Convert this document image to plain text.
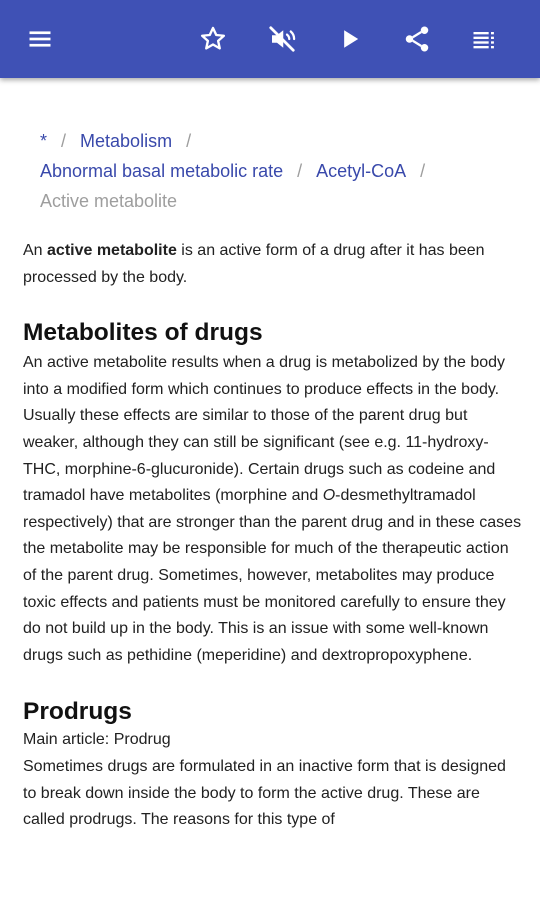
* / Metabolism /
Abnormal basal metabolic rate / Acetyl-CoA /
Active metabolite

An active metabolite is an active form of a drug after it has been processed by the body.

Metabolites of drugs

An active metabolite results when a drug is metabolized by the body into a modified form which continues to produce effects in the body. Usually these effects are similar to those of the parent drug but weaker, although they can still be significant (see e.g. 11-hydroxy-THC, morphine-6-glucuronide). Certain drugs such as codeine and tramadol have metabolites (morphine and O-desmethyltramadol respectively) that are stronger than the parent drug and in these cases the metabolite may be responsible for much of the therapeutic action of the parent drug. Sometimes, however, metabolites may produce toxic effects and patients must be monitored carefully to ensure they do not build up in the body. This is an issue with some well-known drugs such as pethidine (meperidine) and dextropropoxyphene.

Prodrugs

Main article: Prodrug

Sometimes drugs are formulated in an inactive form that is designed to break down inside the body to form the active drug. These are called prodrugs. The reasons for this type of
